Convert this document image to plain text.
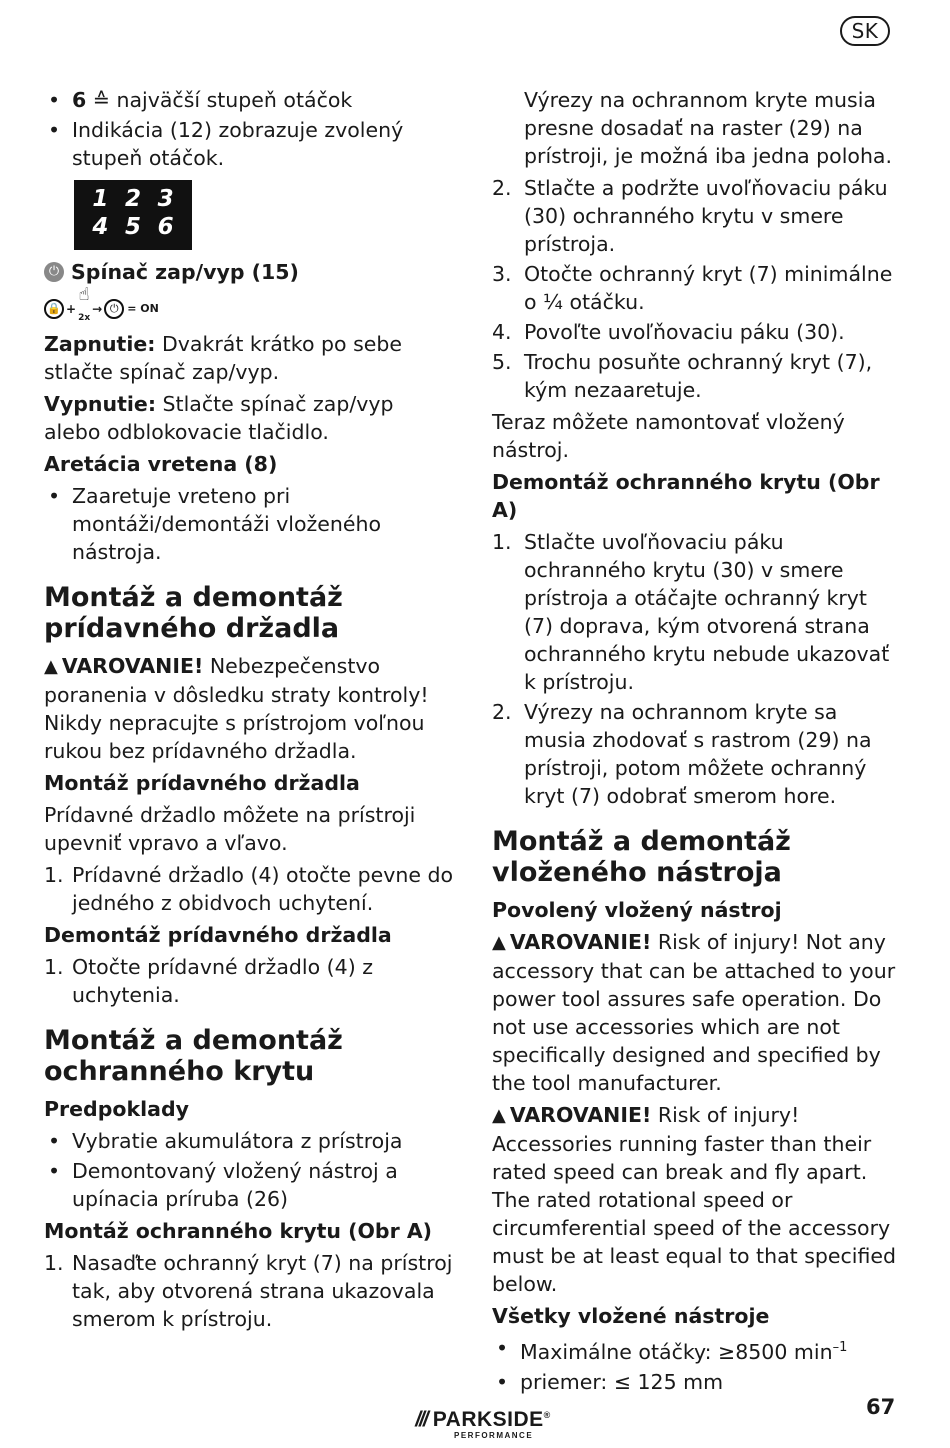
SK
• 6 ≙ najväčší stupeň otáčok
• Indikácia (12) zobrazuje zvolený stupeň otáčok.
1 2 3
4 5 6
⏻ Spínač zap/vyp (15)
🔒 +
☝
2x
→ ⏻ = ON

Zapnutie: Dvakrát krátko po sebe stlačte spínač zap/vyp.

Vypnutie: Stlačte spínač zap/vyp alebo odblokovacie tlačidlo.

Aretácia vretena (8)
• Zaaretuje vreteno pri montáži/demontáži vloženého nástroja.
Montáž a demontáž prídavného držadla

▲ VAROVANIE! Nebezpečenstvo poranenia v dôsledku straty kontroly! Nikdy nepracujte s prístrojom voľnou rukou bez prídavného držadla.

Montáž prídavného držadla

Prídavné držadlo môžete na prístroji upevniť vpravo a vľavo.

1. Prídavné držadlo (4) otočte pevne do jedného z obidvoch uchytení.
Demontáž prídavného držadla
1. Otočte prídavné držadlo (4) z uchytenia.
Montáž a demontáž ochranného krytu
Predpoklady
• Vybratie akumulátora z prístroja
• Demontovaný vložený nástroj a upínacia príruba (26)
Montáž ochranného krytu (Obr A)
1. Nasaďte ochranný kryt (7) na prístroj tak, aby otvorená strana ukazovala smerom k prístroju.

Výrezy na ochrannom kryte musia presne dosadať na raster (29) na prístroji, je možná iba jedna poloha.

2. Stlačte a podržte uvoľňovaciu páku (30) ochranného krytu v smere prístroja.
3. Otočte ochranný kryt (7) minimálne o ¼ otáčku.
4. Povoľte uvoľňovaciu páku (30).
5. Trochu posuňte ochranný kryt (7), kým nezaaretuje.

Teraz môžete namontovať vložený nástroj.

Demontáž ochranného krytu (Obr A)
1. Stlačte uvoľňovaciu páku ochranného krytu (30) v smere prístroja a otáčajte ochranný kryt (7) doprava, kým otvorená strana ochranného krytu nebude ukazovať k prístroju.
2. Výrezy na ochrannom kryte sa musia zhodovať s rastrom (29) na prístroji, potom môžete ochranný kryt (7) odobrať smerom hore.
Montáž a demontáž vloženého nástroja
Povolený vložený nástroj

▲ VAROVANIE! Risk of injury! Not any accessory that can be attached to your power tool assures safe operation. Do not use accessories which are not specifically designed and specified by the tool manufacturer.

▲ VAROVANIE! Risk of injury! Accessories running faster than their rated speed can break and fly apart. The rated rotational speed or circumferential speed of the accessory must be at least equal to that specified below.

Všetky vložené nástroje
• Maximálne otáčky: ≥8500 $\min^{-1}$
• priemer: ≤ 125 mm
/// PARKSIDE®
PERFORMANCE
67
